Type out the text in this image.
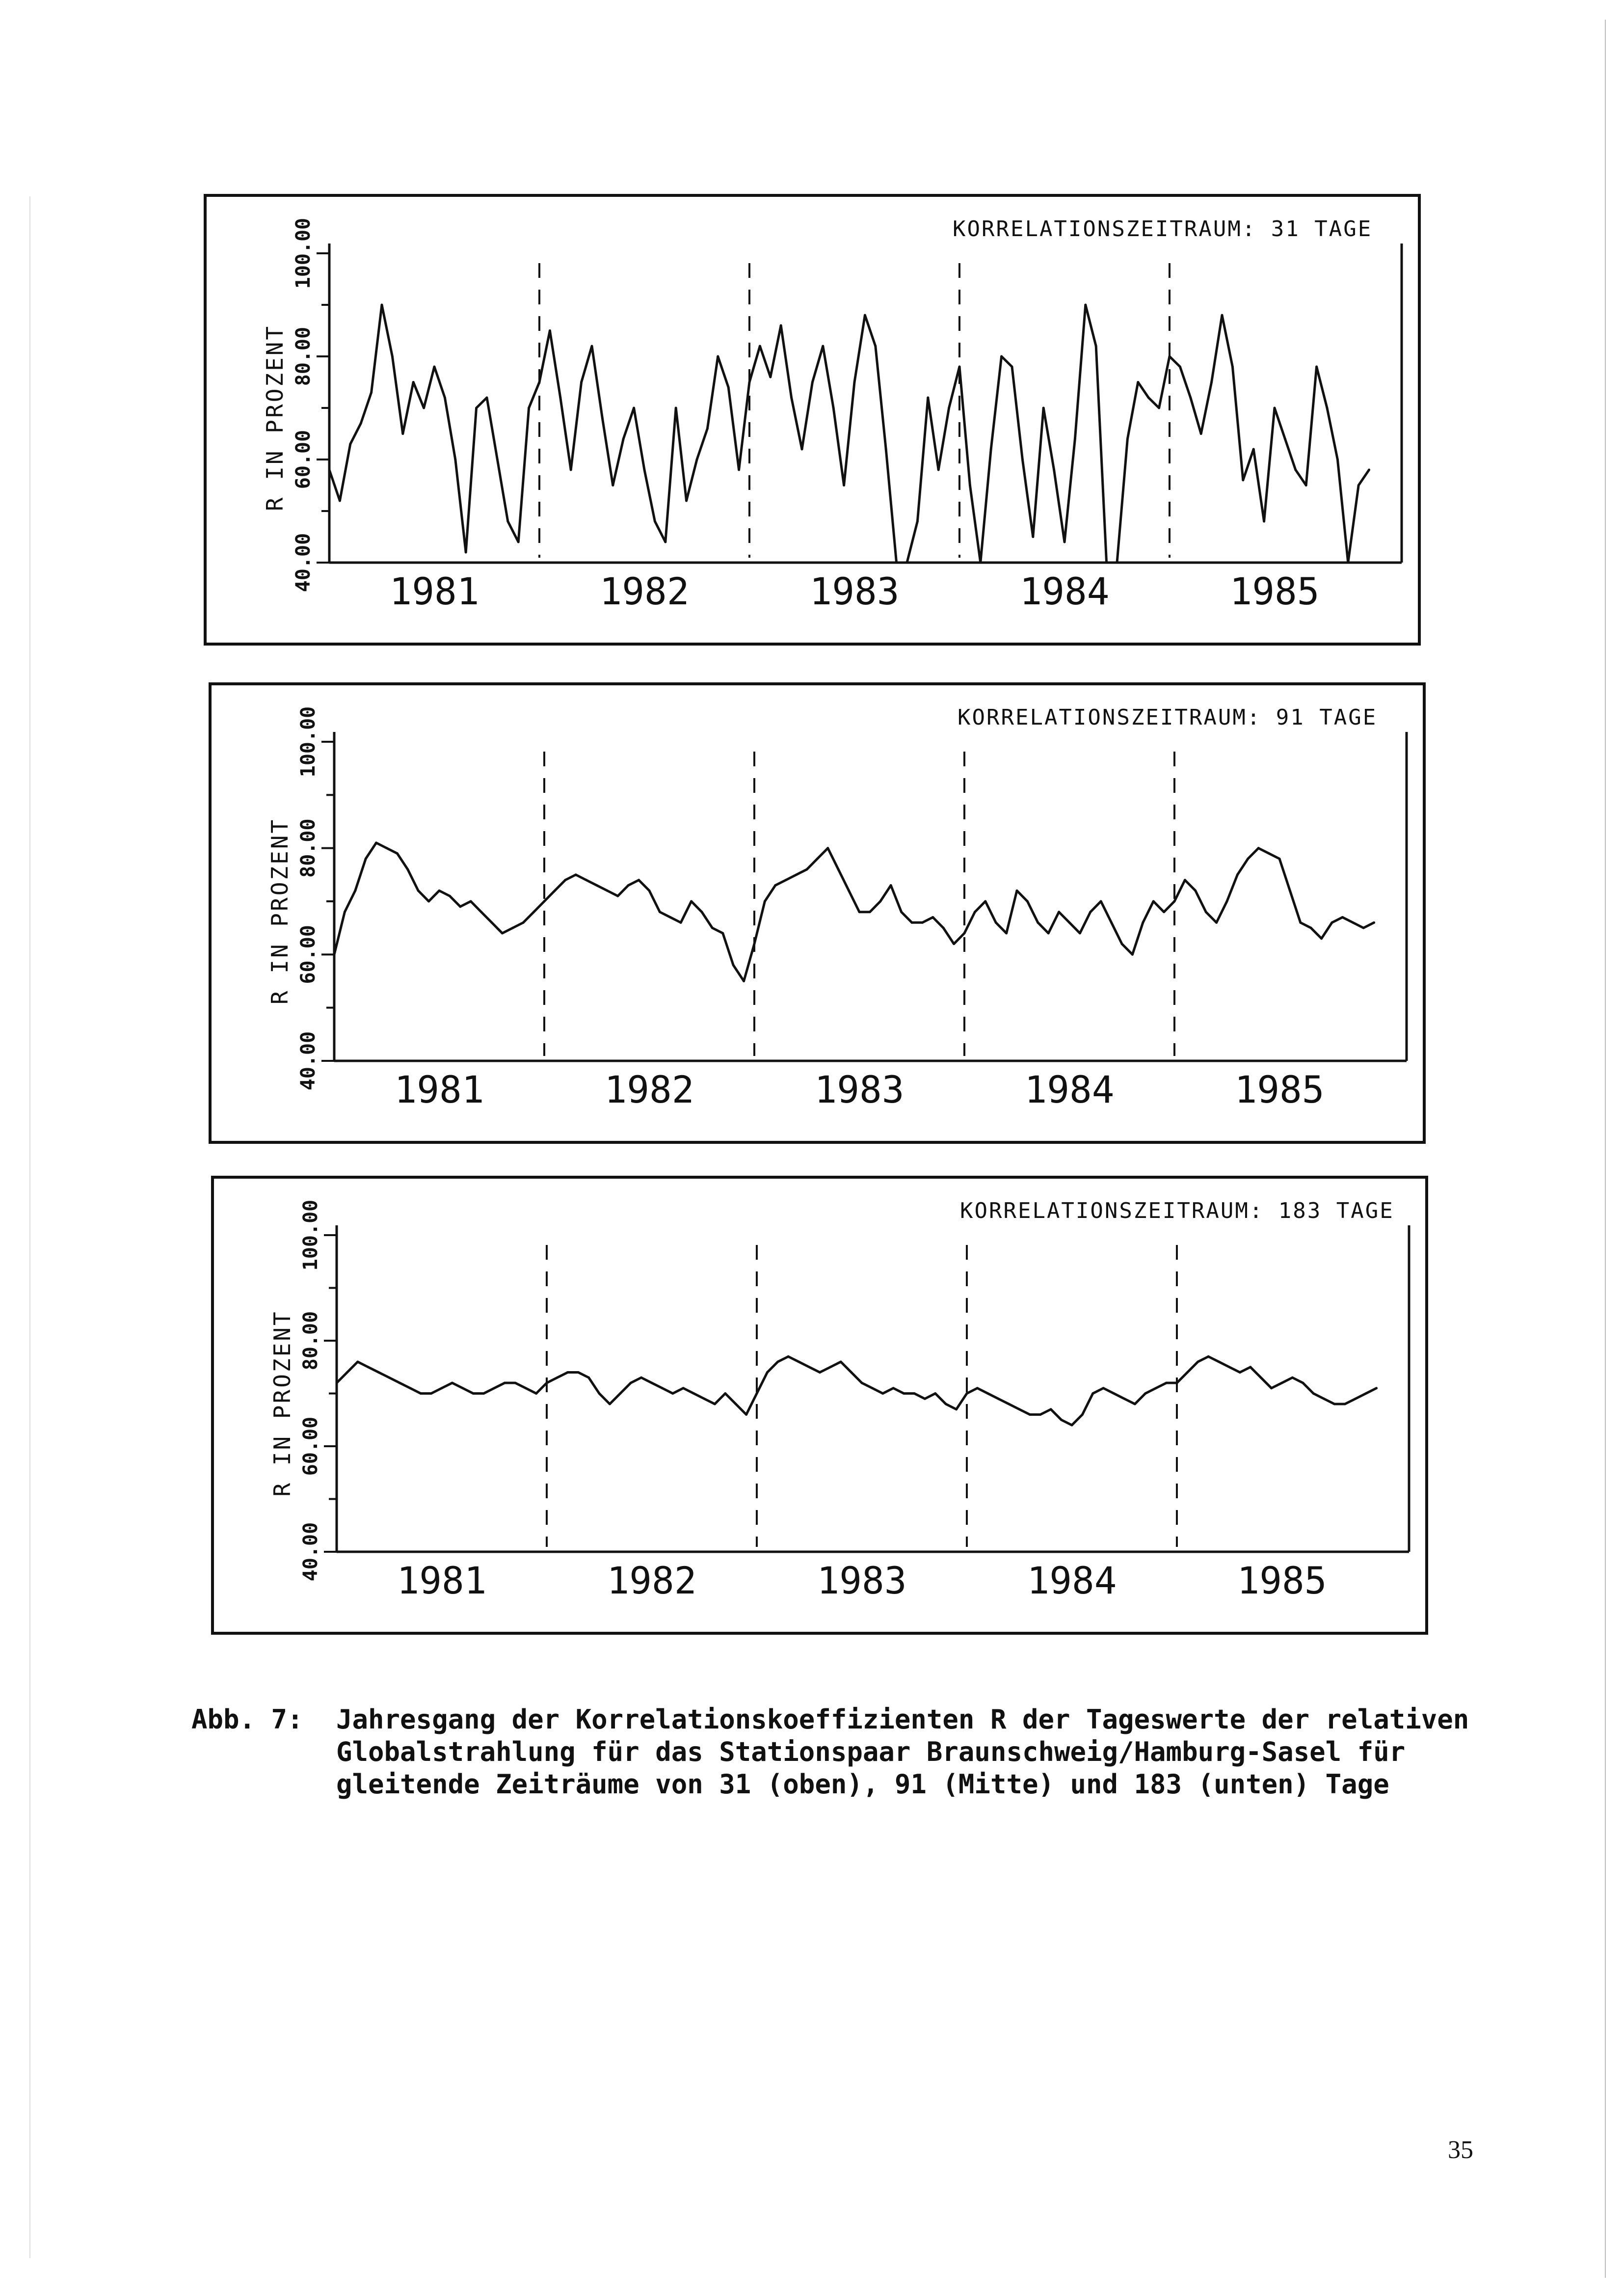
40.00
60.00
80.00
100.00
R IN PROZENT
KORRELATIONSZEITRAUM: 31 TAGE
1981	1982	1983	1984	1985
40.00
60.00
80.00
100.00
R IN PROZENT
KORRELATIONSZEITRAUM: 91 TAGE
1981	1982	1983	1984	1985
40.00
60.00
80.00
100.00
R IN PROZENT
KORRELATIONSZEITRAUM: 183 TAGE
1981	1982	1983	1984	1985
Abb. 7: Jahresgang der Korrelationskoeffizienten R der Tageswerte der relativen Globalstrahlung für das Stationspaar Braunschweig/Hamburg-Sasel für gleitende Zeiträume von 31 (oben), 91 (Mitte) und 183 (unten) Tage
35
